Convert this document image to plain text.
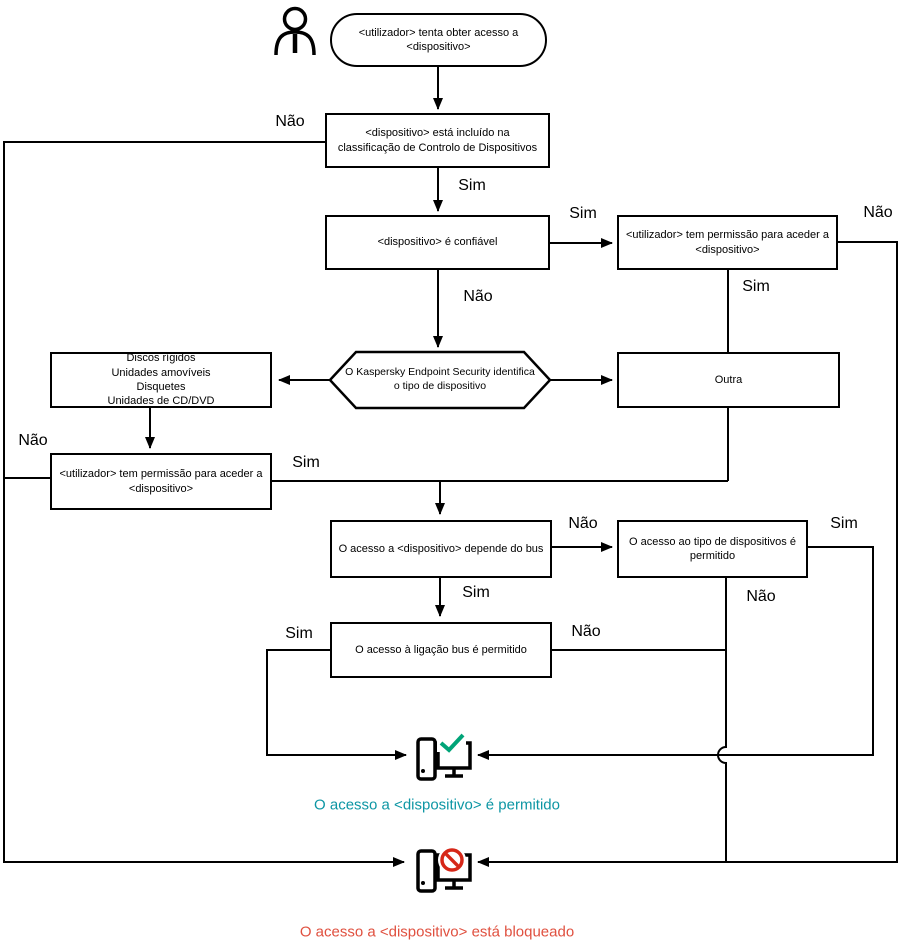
<utilizador> tenta obter acesso a <dispositivo>
<dispositivo> está incluído na classificação de Controlo de Dispositivos
<dispositivo> é confiável
<utilizador> tem permissão para aceder a <dispositivo>
O Kaspersky Endpoint Security identifica o tipo de dispositivo
Discos rígidos
Unidades amovíveis
Disquetes
Unidades de CD/DVD
Outra
<utilizador> tem permissão para aceder a <dispositivo>
O acesso a <dispositivo> depende do bus
O acesso ao tipo de dispositivos é permitido
O acesso à ligação bus é permitido
Não
Sim
Sim
Não
Não
Sim
Não
Sim
Não
Sim
Sim
Não
Sim	Não
O acesso a <dispositivo> é permitido
O acesso a <dispositivo> está bloqueado
